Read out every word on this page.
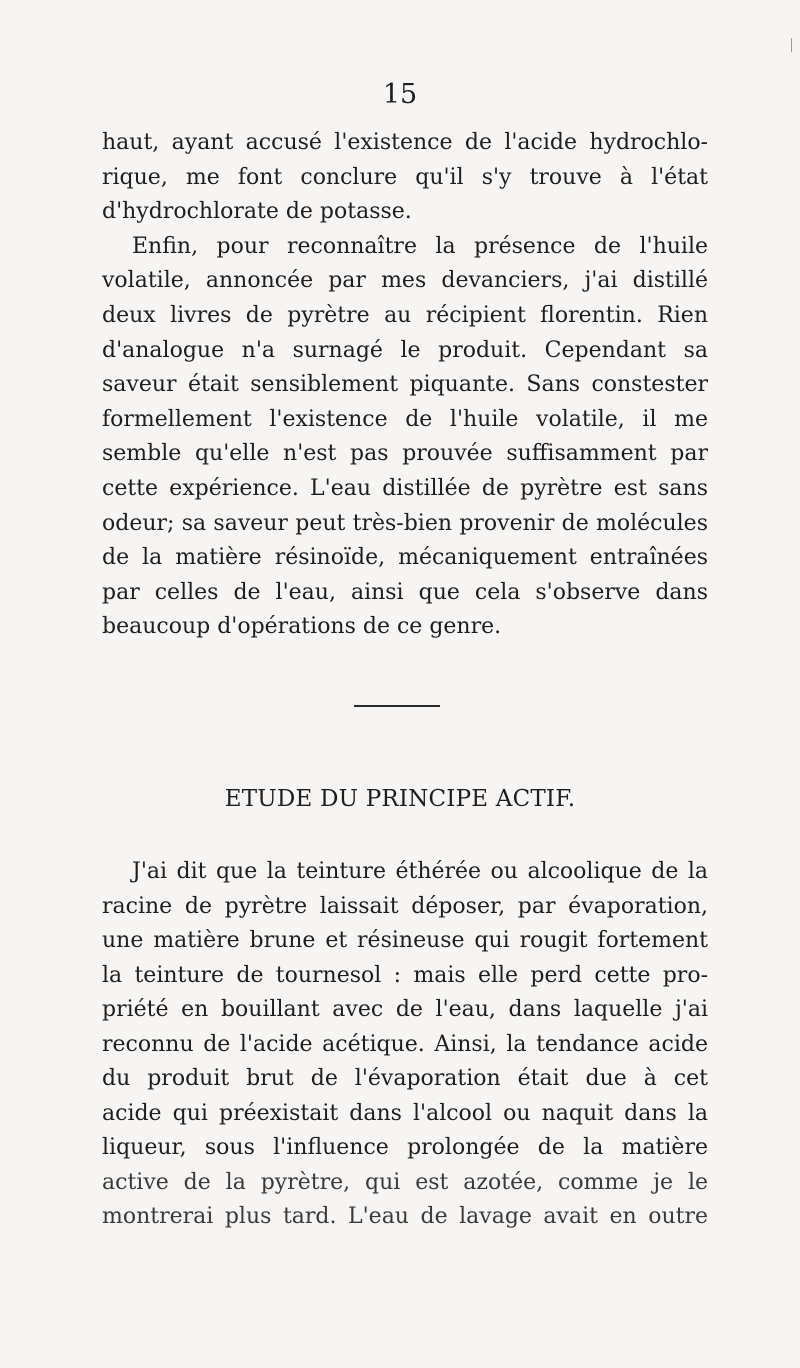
15
haut, ayant accusé l'existence de l'acide hydrochlo-
rique, me font conclure qu'il s'y trouve à l'état
d'hydrochlorate de potasse.
Enfin, pour reconnaître la présence de l'huile
volatile, annoncée par mes devanciers, j'ai distillé
deux livres de pyrètre au récipient florentin. Rien
d'analogue n'a surnagé le produit. Cependant sa
saveur était sensiblement piquante. Sans constester
formellement l'existence de l'huile volatile, il me
semble qu'elle n'est pas prouvée suffisamment par
cette expérience. L'eau distillée de pyrètre est sans
odeur; sa saveur peut très-bien provenir de molécules
de la matière résinoïde, mécaniquement entraînées
par celles de l'eau, ainsi que cela s'observe dans
beaucoup d'opérations de ce genre.
ETUDE DU PRINCIPE ACTIF.
J'ai dit que la teinture éthérée ou alcoolique de la
racine de pyrètre laissait déposer, par évaporation,
une matière brune et résineuse qui rougit fortement
la teinture de tournesol : mais elle perd cette pro-
priété en bouillant avec de l'eau, dans laquelle j'ai
reconnu de l'acide acétique. Ainsi, la tendance acide
du produit brut de l'évaporation était due à cet
acide qui préexistait dans l'alcool ou naquit dans la
liqueur, sous l'influence prolongée de la matière
active de la pyrètre, qui est azotée, comme je le
montrerai plus tard. L'eau de lavage avait en outre
